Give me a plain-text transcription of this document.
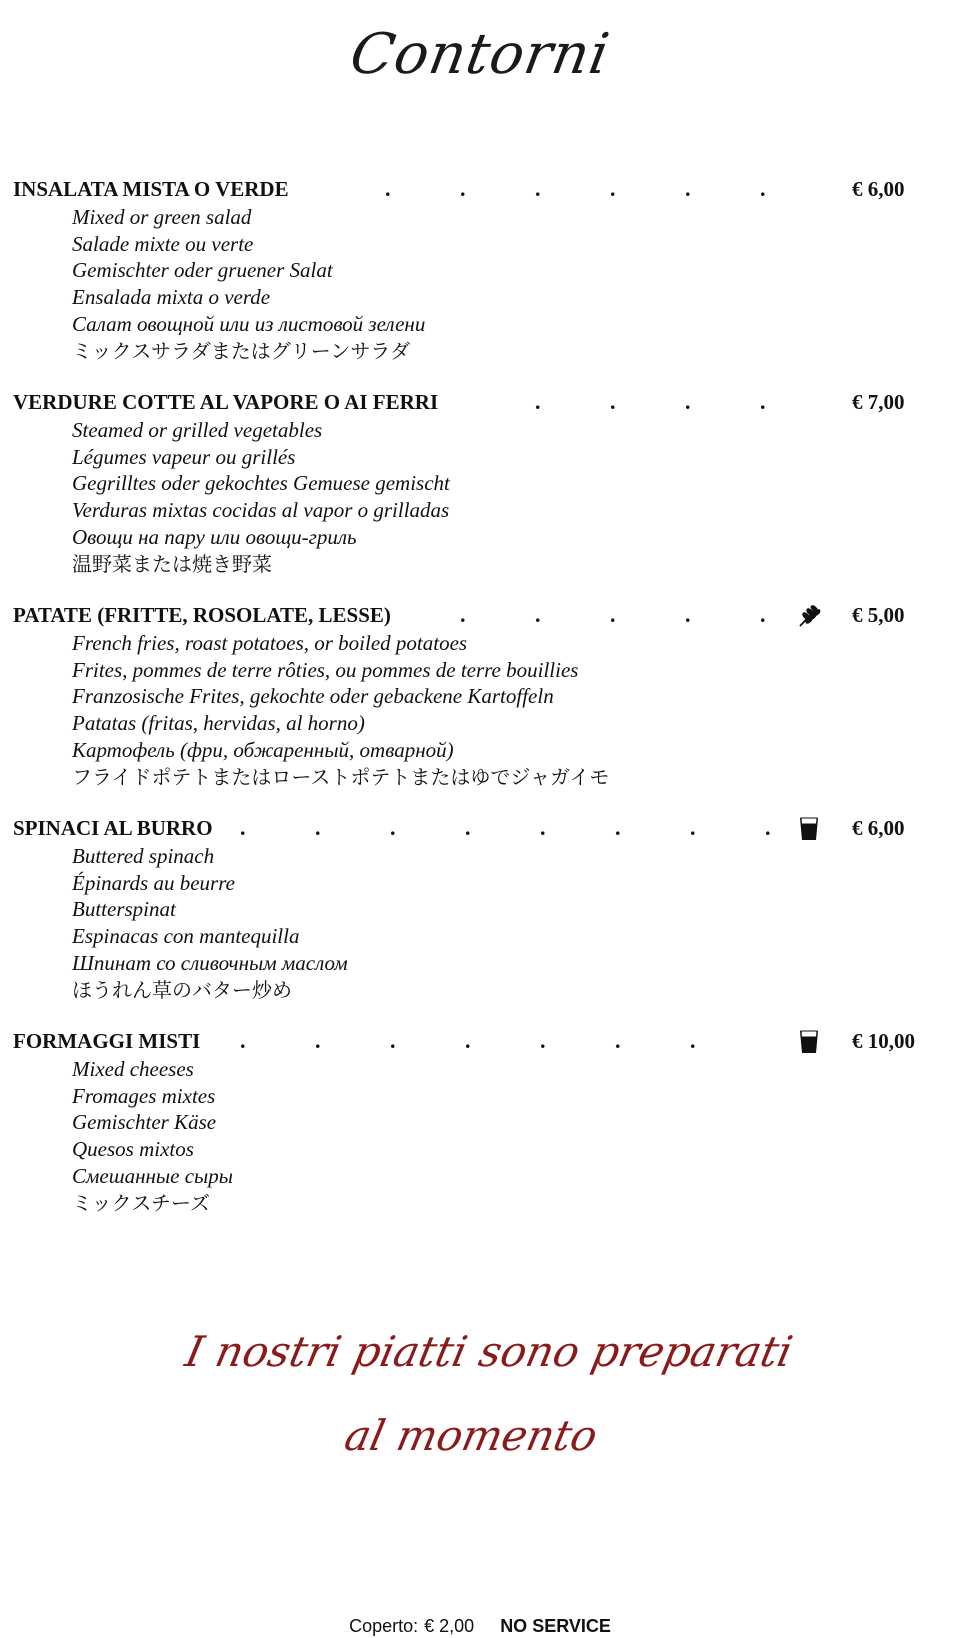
Contorni
INSALATA MISTA O VERDE	.	.	.	.	.	.	€ 6,00
Mixed or green salad
Salade mixte ou verte
Gemischter oder gruener Salat
Ensalada mixta o verde
Салат овощной или из листовой зелени
ミックスサラダまたはグリーンサラダ
VERDURE COTTE AL VAPORE O AI FERRI	.	.	.	.	€ 7,00
Steamed or grilled vegetables
Légumes vapeur ou grillés
Gegrilltes oder gekochtes Gemuese gemischt
Verduras mixtas cocidas al vapor o grilladas
Овощи на пару или овощи-гриль
温野菜または焼き野菜
PATATE (FRITTE, ROSOLATE, LESSE)	.	.	.	.	.	€ 5,00
French fries, roast potatoes, or boiled potatoes
Frites, pommes de terre rôties, ou pommes de terre bouillies
Franzosische Frites, gekochte oder gebackene Kartoffeln
Patatas (fritas, hervidas, al horno)
Картофель (фри, обжаренный, отварной)
フライドポテトまたはローストポテトまたはゆでジャガイモ
SPINACI AL BURRO .	.	.	.	.	.	.	.	€ 6,00
Buttered spinach
Épinards au beurre
Butterspinat
Espinacas con mantequilla
Шпинат со сливочным маслом
ほうれん草のバター炒め
FORMAGGI MISTI .	.	.	.	.	.	.	€ 10,00
Mixed cheeses
Fromages mixtes
Gemischter Käse
Quesos mixtos
Смешанные сыры
ミックスチーズ
I nostri piatti sono preparati
al momento
Coperto: € 2,00 NO SERVICE
